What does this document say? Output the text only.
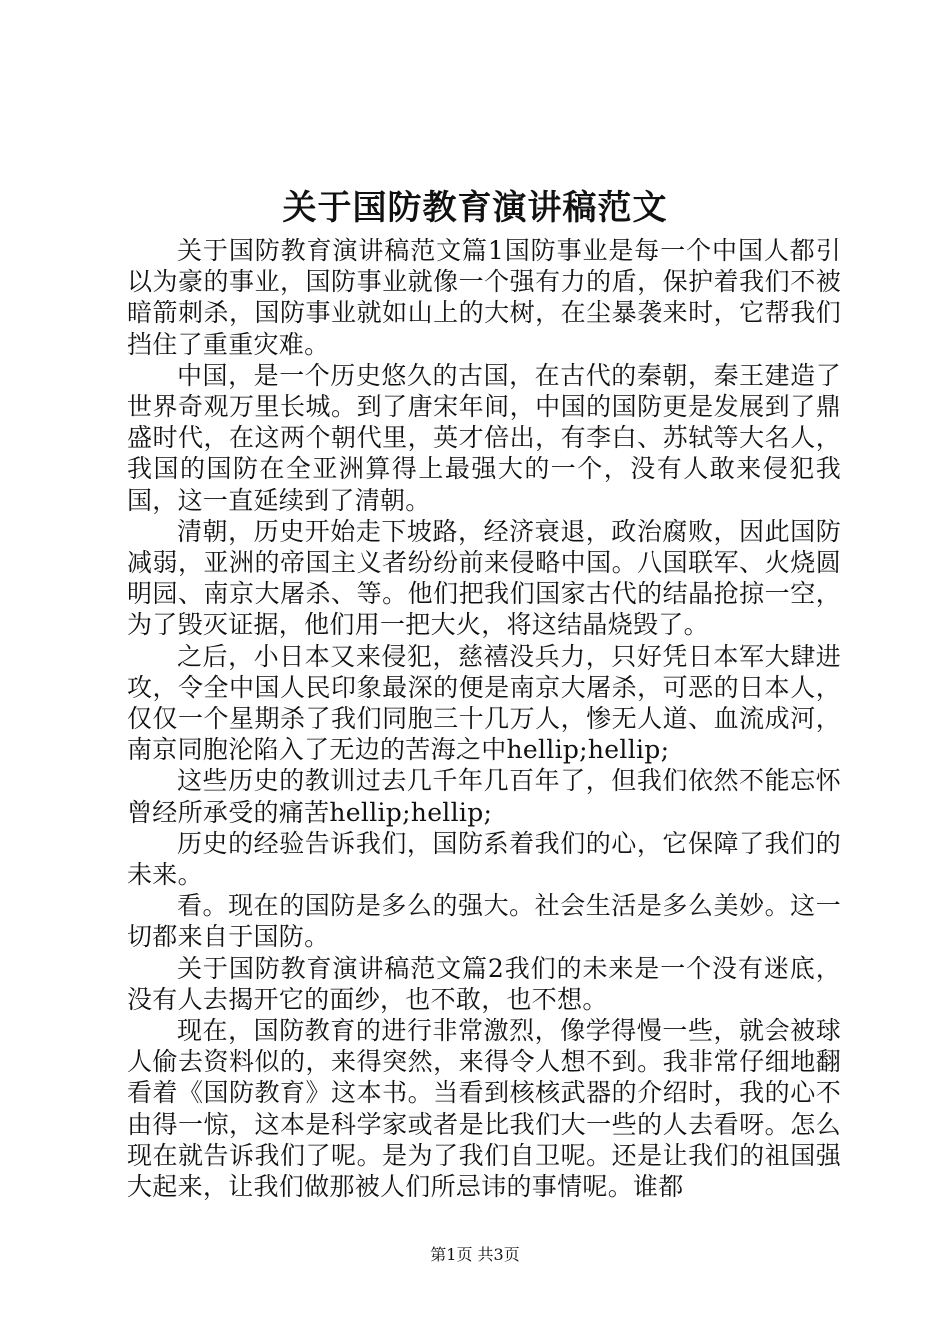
关于国防教育演讲稿范文

关于国防教育演讲稿范文篇1国防事业是每一个中国人都引以为豪的事业，国防事业就像一个强有力的盾，保护着我们不被暗箭刺杀，国防事业就如山上的大树，在尘暴袭来时，它帮我们挡住了重重灾难。

中国，是一个历史悠久的古国，在古代的秦朝，秦王建造了世界奇观万里长城。到了唐宋年间，中国的国防更是发展到了鼎盛时代，在这两个朝代里，英才倍出，有李白、苏轼等大名人，我国的国防在全亚洲算得上最强大的一个，没有人敢来侵犯我国，这一直延续到了清朝。

清朝，历史开始走下坡路，经济衰退，政治腐败，因此国防减弱，亚洲的帝国主义者纷纷前来侵略中国。八国联军、火烧圆明园、南京大屠杀、等。他们把我们国家古代的结晶抢掠一空，为了毁灭证据，他们用一把大火，将这结晶烧毁了。

之后，小日本又来侵犯，慈禧没兵力，只好凭日本军大肆进攻，令全中国人民印象最深的便是南京大屠杀，可恶的日本人，仅仅一个星期杀了我们同胞三十几万人，惨无人道、血流成河，南京同胞沦陷入了无边的苦海之中hellip;hellip;

这些历史的教训过去几千年几百年了，但我们依然不能忘怀曾经所承受的痛苦hellip;hellip;

历史的经验告诉我们，国防系着我们的心，它保障了我们的未来。

看。现在的国防是多么的强大。社会生活是多么美妙。这一切都来自于国防。

关于国防教育演讲稿范文篇2我们的未来是一个没有迷底，没有人去揭开它的面纱，也不敢，也不想。

现在，国防教育的进行非常激烈，像学得慢一些，就会被球人偷去资料似的，来得突然，来得令人想不到。我非常仔细地翻看着《国防教育》这本书。当看到核核武器的介绍时，我的心不由得一惊，这本是科学家或者是比我们大一些的人去看呀。怎么现在就告诉我们了呢。是为了我们自卫呢。还是让我们的祖国强大起来，让我们做那被人们所忌讳的事情呢。谁都

第1页 共3页
